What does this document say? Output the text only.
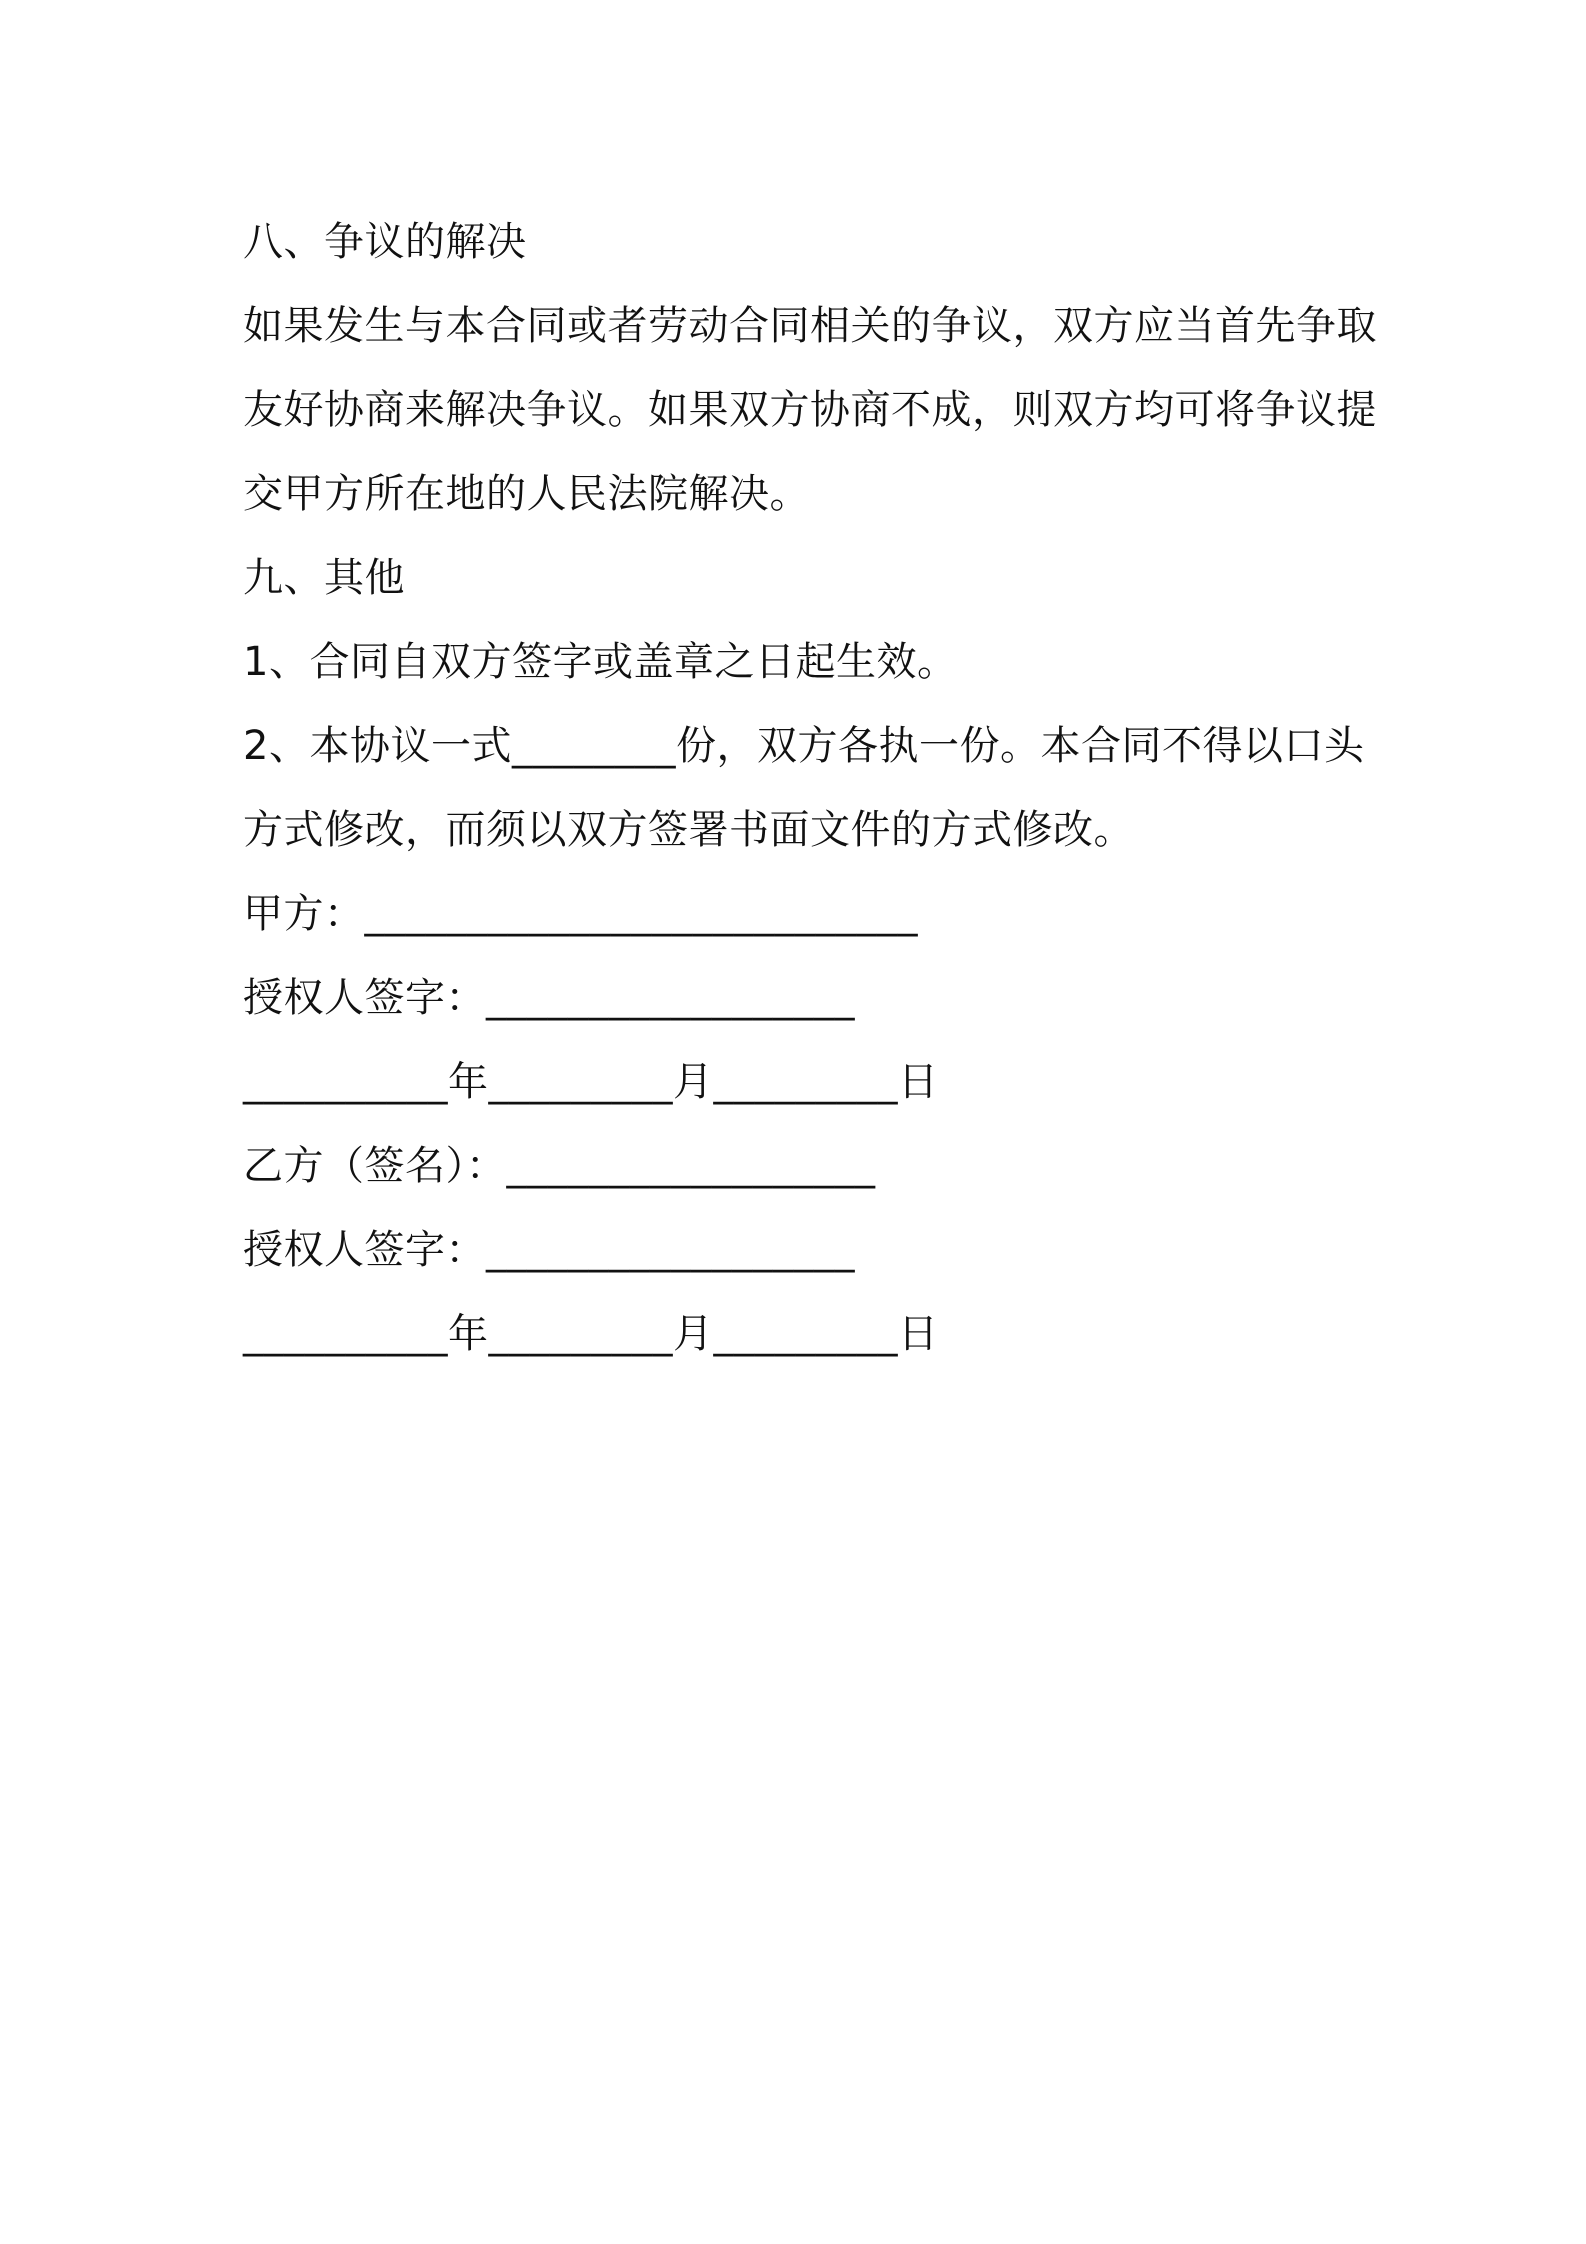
八、争议的解决
如果发生与本合同或者劳动合同相关的争议，双方应当首先争取
友好协商来解决争议。如果双方协商不成，则双方均可将争议提
交甲方所在地的人民法院解决。
九、其他
1、合同自双方签字或盖章之日起生效。
2、本协议一式________份，双方各执一份。本合同不得以口头
方式修改，而须以双方签署书面文件的方式修改。
甲方：___________________________
授权人签字：__________________
__________年_________月_________日
乙方（签名）：__________________
授权人签字：__________________
__________年_________月_________日
